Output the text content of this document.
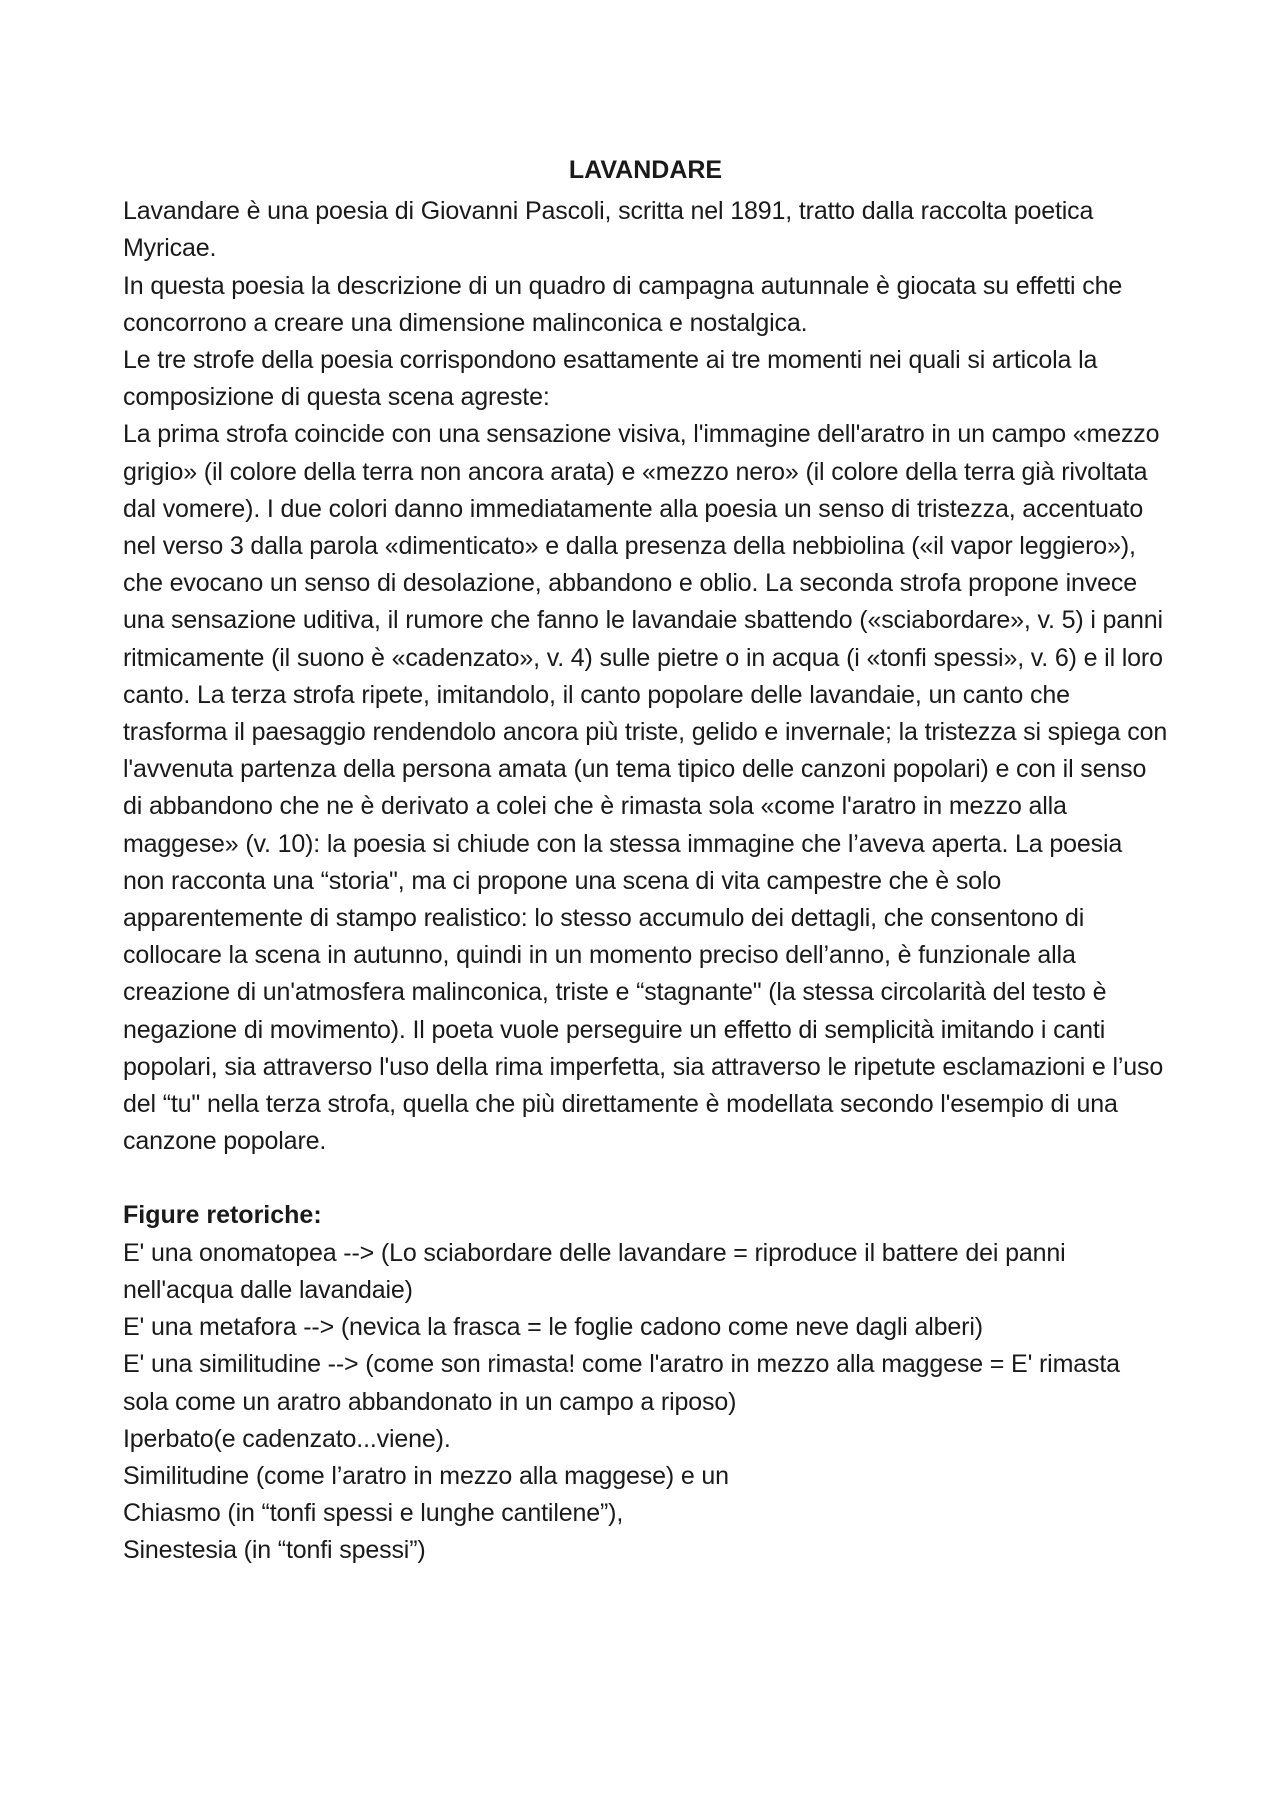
LAVANDARE

Lavandare è una poesia di Giovanni Pascoli, scritta nel 1891, tratto dalla raccolta poetica Myricae.
In questa poesia la descrizione di un quadro di campagna autunnale è giocata su effetti che concorrono a creare una dimensione malinconica e nostalgica.
Le tre strofe della poesia corrispondono esattamente ai tre momenti nei quali si articola la composizione di questa scena agreste:
La prima strofa coincide con una sensazione visiva, l'immagine dell'aratro in un campo «mezzo grigio» (il colore della terra non ancora arata) e «mezzo nero» (il colore della terra già rivoltata dal vomere). I due colori danno immediatamente alla poesia un senso di tristezza, accentuato nel verso 3 dalla parola «dimenticato» e dalla presenza della nebbiolina («il vapor leggiero»), che evocano un senso di desolazione, abbandono e oblio. La seconda strofa propone invece una sensazione uditiva, il rumore che fanno le lavandaie sbattendo («sciabordare», v. 5) i panni ritmicamente (il suono è «cadenzato», v. 4) sulle pietre o in acqua (i «tonfi spessi», v. 6) e il loro canto. La terza strofa ripete, imitandolo, il canto popolare delle lavandaie, un canto che trasforma il paesaggio rendendolo ancora più triste, gelido e invernale; la tristezza si spiega con l'avvenuta partenza della persona amata (un tema tipico delle canzoni popolari) e con il senso di abbandono che ne è derivato a colei che è rimasta sola «come l'aratro in mezzo alla maggese» (v. 10): la poesia si chiude con la stessa immagine che l’aveva aperta. La poesia non racconta una “storia", ma ci propone una scena di vita campestre che è solo apparentemente di stampo realistico: lo stesso accumulo dei dettagli, che consentono di collocare la scena in autunno, quindi in un momento preciso dell’anno, è funzionale alla creazione di un'atmosfera malinconica, triste e “stagnante" (la stessa circolarità del testo è negazione di movimento). Il poeta vuole perseguire un effetto di semplicità imitando i canti popolari, sia attraverso l'uso della rima imperfetta, sia attraverso le ripetute esclamazioni e l’uso del “tu" nella terza strofa, quella che più direttamente è modellata secondo l'esempio di una canzone popolare.

Figure retoriche:
E' una onomatopea --> (Lo sciabordare delle lavandare = riproduce il battere dei panni nell'acqua dalle lavandaie)
E' una metafora --> (nevica la frasca = le foglie cadono come neve dagli alberi)
E' una similitudine --> (come son rimasta! come l'aratro in mezzo alla maggese = E' rimasta sola come un aratro abbandonato in un campo a riposo)
Iperbato(e cadenzato...viene).
Similitudine (come l’aratro in mezzo alla maggese) e un
Chiasmo (in “tonfi spessi e lunghe cantilene”),
Sinestesia (in “tonfi spessi”)
